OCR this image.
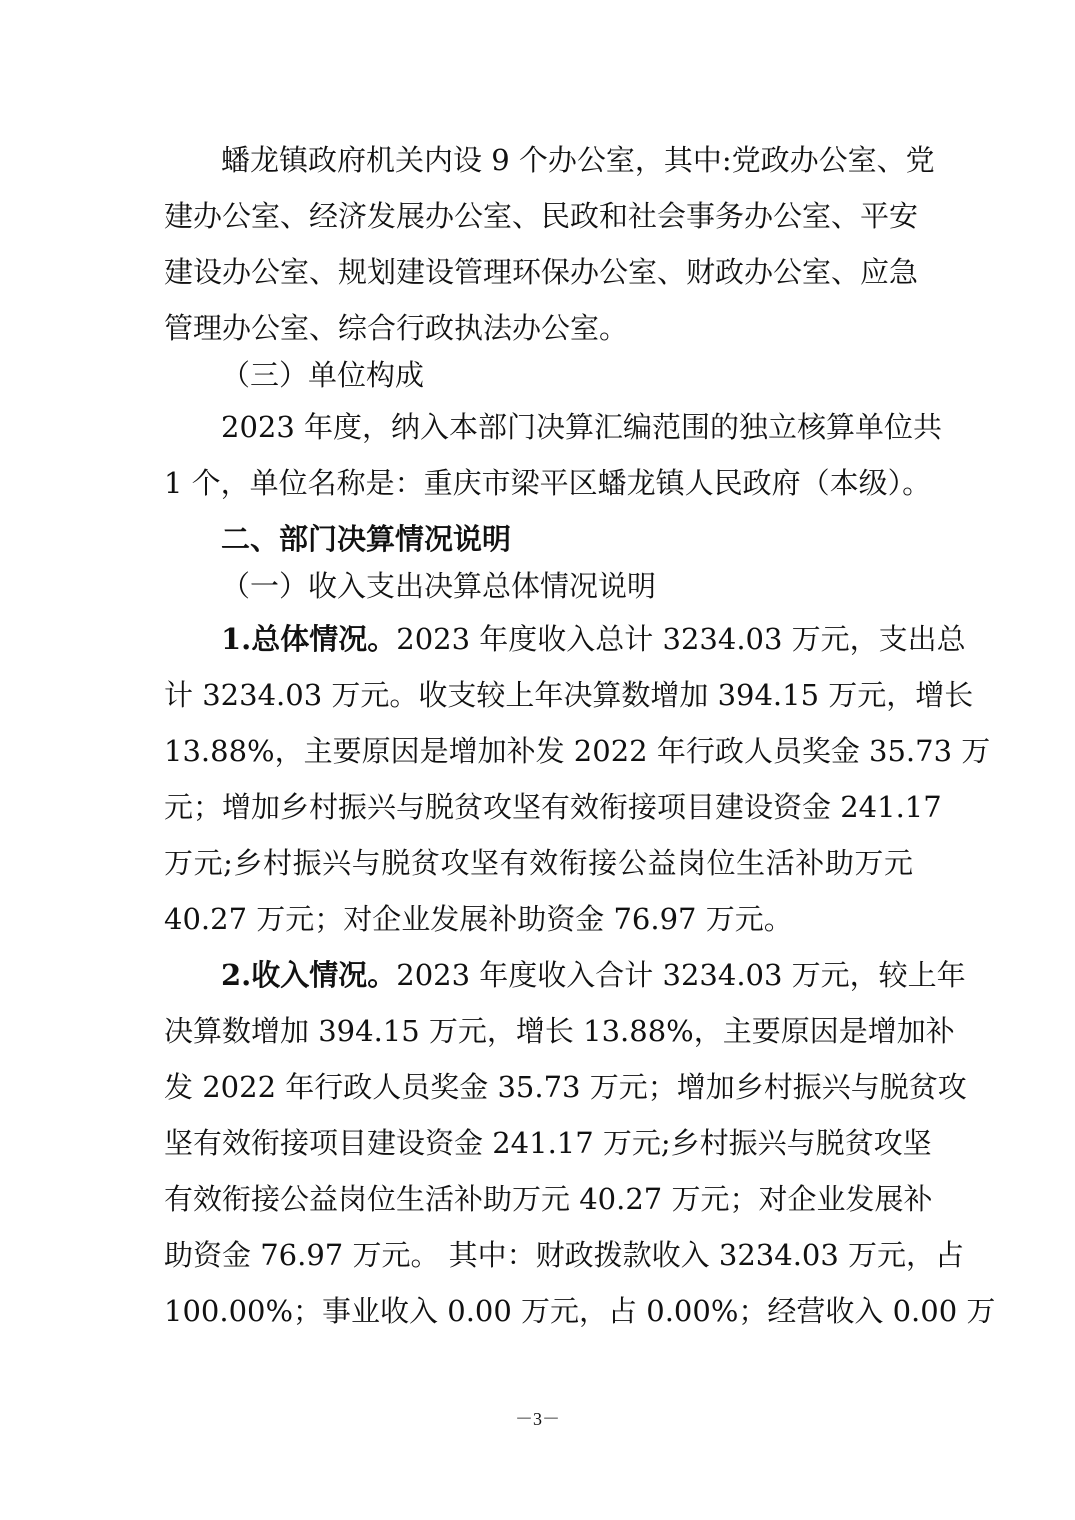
蟠龙镇政府机关内设 9 个办公室，其中:党政办公室、党
建办公室、经济发展办公室、民政和社会事务办公室、平安
建设办公室、规划建设管理环保办公室、财政办公室、应急
管理办公室、综合行政执法办公室。
（三）单位构成
2023 年度，纳入本部门决算汇编范围的独立核算单位共
1 个，单位名称是：重庆市梁平区蟠龙镇人民政府（本级）。
二、部门决算情况说明
（一）收入支出决算总体情况说明
1.总体情况。 2023 年度收入总计 3234.03 万元，支出总
计 3234.03 万元。收支较上年决算数增加 394.15 万元，增长
13.88%，主要原因是增加补发 2022 年行政人员奖金 35.73 万
元；增加乡村振兴与脱贫攻坚有效衔接项目建设资金 241.17
万元;乡村振兴与脱贫攻坚有效衔接公益岗位生活补助万元
40.27 万元；对企业发展补助资金 76.97 万元。
2.收入情况。 2023 年度收入合计 3234.03 万元，较上年
决算数增加 394.15 万元，增长 13.88%，主要原因是增加补
发 2022 年行政人员奖金 35.73 万元；增加乡村振兴与脱贫攻
坚有效衔接项目建设资金 241.17 万元;乡村振兴与脱贫攻坚
有效衔接公益岗位生活补助万元 40.27 万元；对企业发展补
助资金 76.97 万元。 其中：财政拨款收入 3234.03 万元，占
100.00%；事业收入 0.00 万元，占 0.00%；经营收入 0.00 万
－3－
